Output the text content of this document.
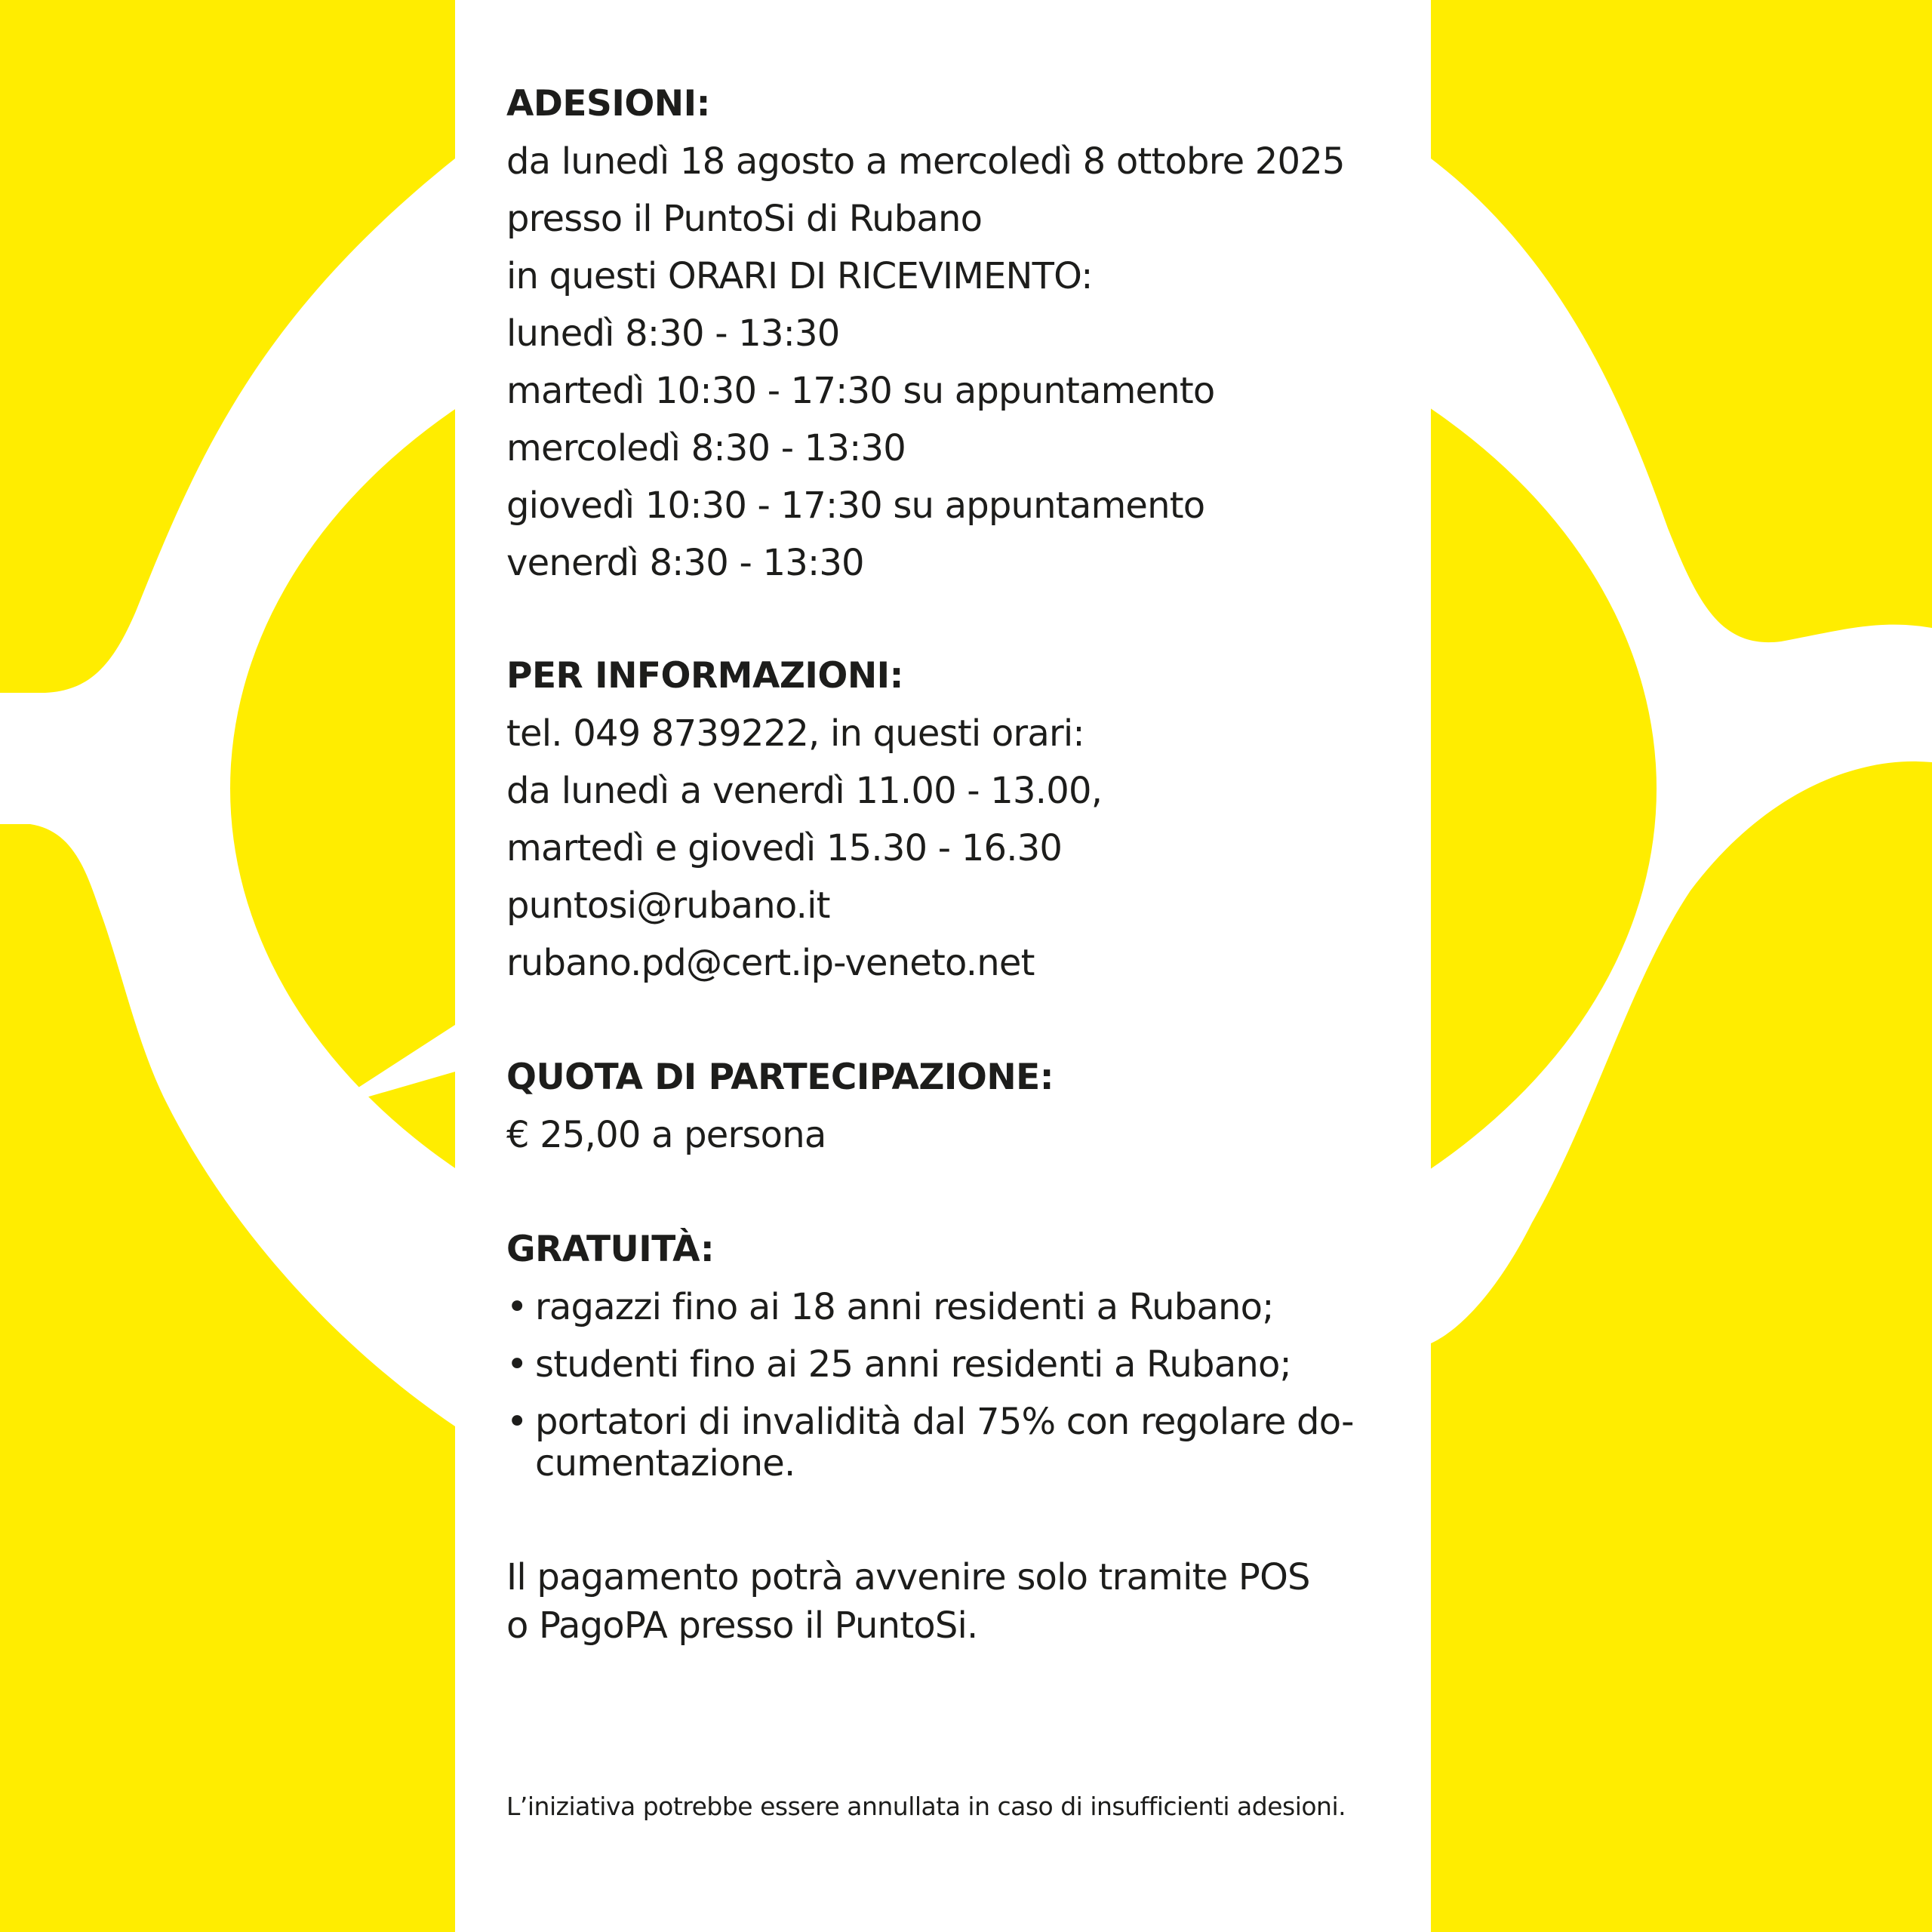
ADESIONI:

da lunedì 18 agosto a mercoledì 8 ottobre 2025

presso il PuntoSi di Rubano

in questi ORARI DI RICEVIMENTO:

lunedì 8:30 - 13:30

martedì 10:30 - 17:30 su appuntamento

mercoledì 8:30 - 13:30

giovedì 10:30 - 17:30 su appuntamento

venerdì 8:30 - 13:30

PER INFORMAZIONI:

tel. 049 8739222, in questi orari:

da lunedì a venerdì 11.00 - 13.00,

martedì e giovedì 15.30 - 16.30

puntosi@rubano.it

rubano.pd@cert.ip-veneto.net

QUOTA DI PARTECIPAZIONE:

€ 25,00 a persona

GRATUITÀ:

• ragazzi fino ai 18 anni residenti a Rubano;
• studenti fino ai 25 anni residenti a Rubano;
• portatori di invalidità dal 75% con regolare do-
cumentazione.

Il pagamento potrà avvenire solo tramite POS

o PagoPA presso il PuntoSi.

L’iniziativa potrebbe essere annullata in caso di insufficienti adesioni.
